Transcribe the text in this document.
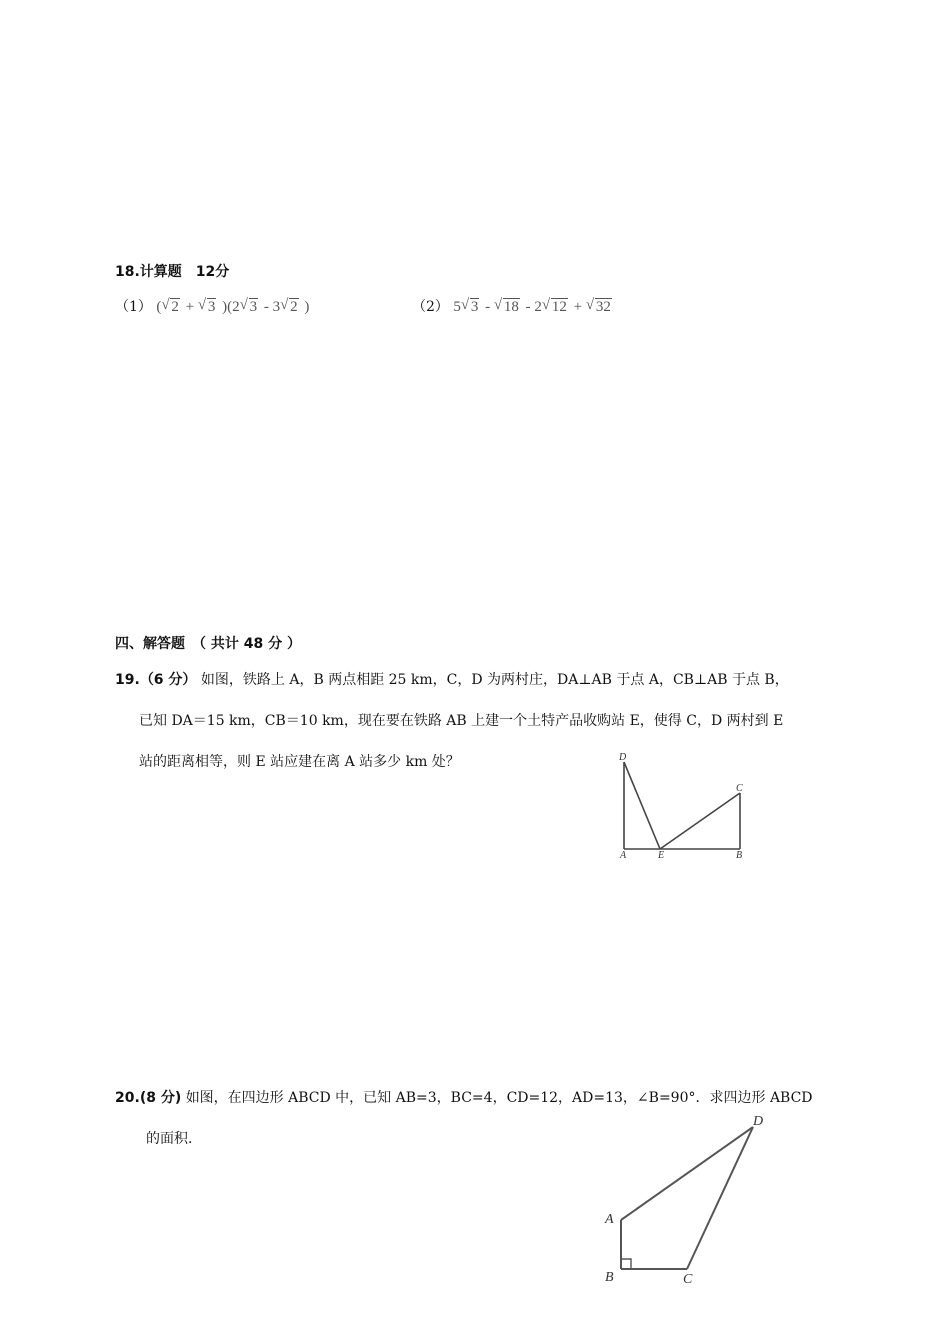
18.计算题　12分
（1） ( √ 2 + √ 3 )(2 √ 3 - 3 √ 2 )	（2） 5 √ 3 - √ 18 - 2 √ 12 + √ 32
四、解答题　（ 共计 48 分 ）
19.（6 分） 如图，铁路上 A，B 两点相距 25 km，C，D 为两村庄，DA⊥AB 于点 A，CB⊥AB 于点 B，
已知 DA＝15 km，CB＝10 km，现在要在铁路 AB 上建一个土特产品收购站 E，使得 C，D 两村到 E
站的距离相等，则 E 站应建在离 A 站多少 km 处？	D
C
A	E	B
20.(8 分) 如图，在四边形 ABCD 中，已知 AB=3，BC=4，CD=12，AD=13，∠B=90°．求四边形 ABCD
的面积.
D
A
B	C
